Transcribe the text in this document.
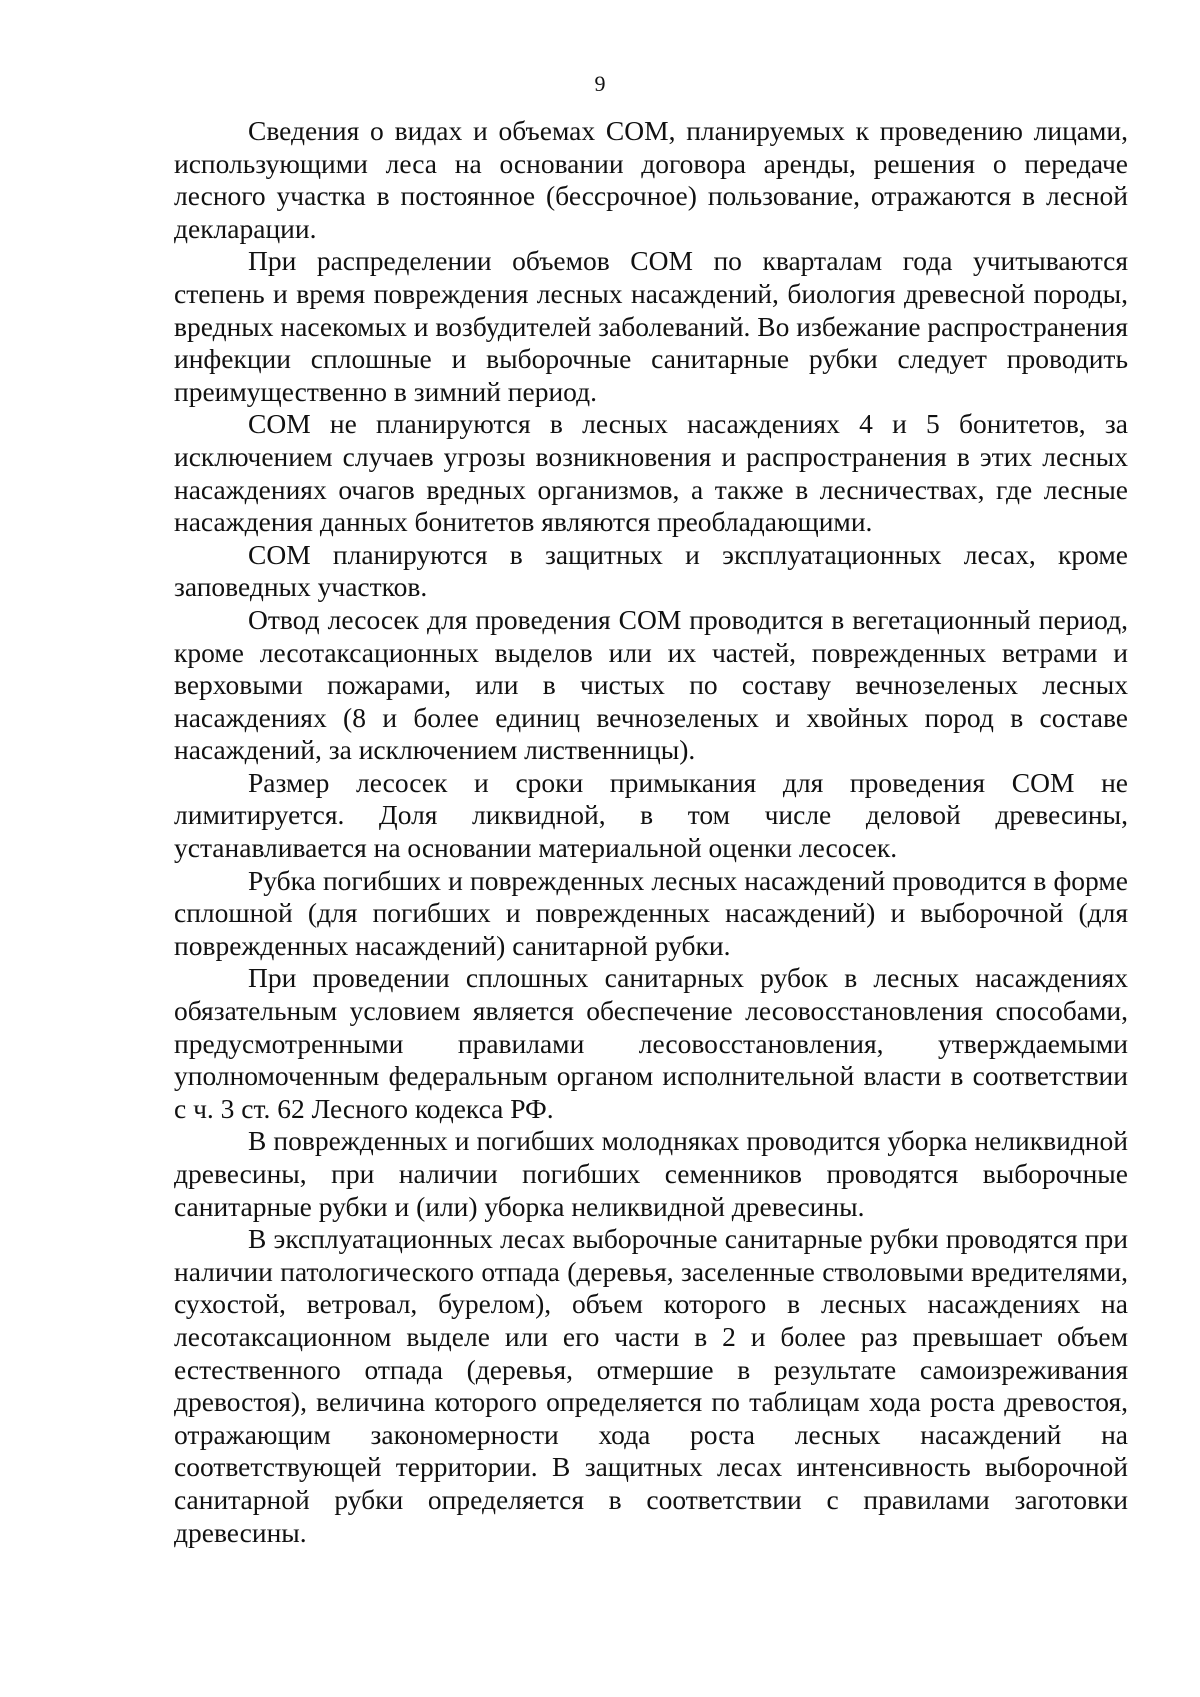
9

Сведения о видах и объемах СОМ, планируемых к проведению лицами, использующими леса на основании договора аренды, решения о передаче лесного участка в постоянное (бессрочное) пользование, отражаются в лесной декларации.

При распределении объемов СОМ по кварталам года учитываются степень и время повреждения лесных насаждений, биология древесной породы, вредных насекомых и возбудителей заболеваний. Во избежание распространения инфекции сплошные и выборочные санитарные рубки следует проводить преимущественно в зимний период.

СОМ не планируются в лесных насаждениях 4 и 5 бонитетов, за исключением случаев угрозы возникновения и распространения в этих лесных насаждениях очагов вредных организмов, а также в лесничествах, где лесные насаждения данных бонитетов являются преобладающими.

СОМ планируются в защитных и эксплуатационных лесах, кроме заповедных участков.

Отвод лесосек для проведения СОМ проводится в вегетационный период, кроме лесотаксационных выделов или их частей, поврежденных ветрами и верховыми пожарами, или в чистых по составу вечнозеленых лесных насаждениях (8 и более единиц вечнозеленых и хвойных пород в составе насаждений, за исключением лиственницы).

Размер лесосек и сроки примыкания для проведения СОМ не лимитируется. Доля ликвидной, в том числе деловой древесины, устанавливается на основании материальной оценки лесосек.

Рубка погибших и поврежденных лесных насаждений проводится в форме сплошной (для погибших и поврежденных насаждений) и выборочной (для поврежденных насаждений) санитарной рубки.

При проведении сплошных санитарных рубок в лесных насаждениях обязательным условием является обеспечение лесовосстановления способами, предусмотренными правилами лесовосстановления, утверждаемыми уполномоченным федеральным органом исполнительной власти в соответствии с ч. 3 ст. 62 Лесного кодекса РФ.

В поврежденных и погибших молодняках проводится уборка неликвидной древесины, при наличии погибших семенников проводятся выборочные санитарные рубки и (или) уборка неликвидной древесины.

В эксплуатационных лесах выборочные санитарные рубки проводятся при наличии патологического отпада (деревья, заселенные стволовыми вредителями, сухостой, ветровал, бурелом), объем которого в лесных насаждениях на лесотаксационном выделе или его части в 2 и более раз превышает объем естественного отпада (деревья, отмершие в результате самоизреживания древостоя), величина которого определяется по таблицам хода роста древостоя, отражающим закономерности хода роста лесных насаждений на соответствующей территории. В защитных лесах интенсивность выборочной санитарной рубки определяется в соответствии с правилами заготовки древесины.
